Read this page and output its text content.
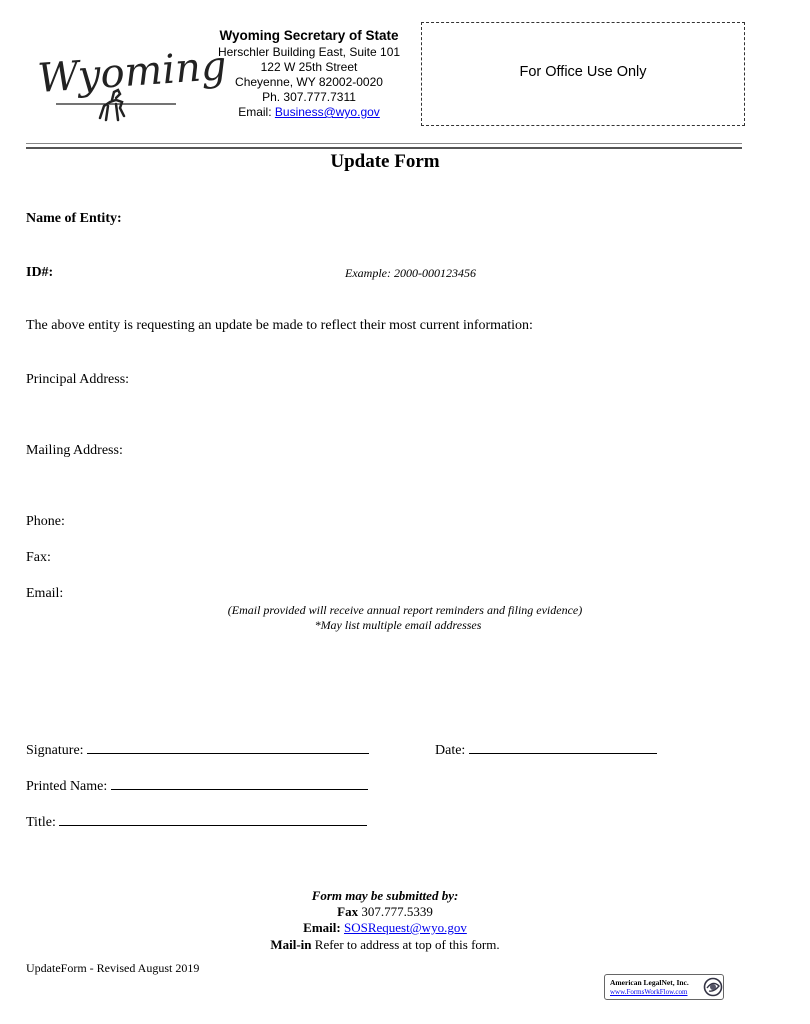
Wyoming
Wyoming Secretary of State
Herschler Building East, Suite 101
122 W 25th Street
Cheyenne, WY 82002-0020
Ph. 307.777.7311
Email: Business@wyo.gov
For Office Use Only
Update Form
Name of Entity:
ID#:	Example: 2000-000123456
The above entity is requesting an update be made to reflect their most current information:
Principal Address:
Mailing Address:
Phone:
Fax:
Email:
(Email provided will receive annual report reminders and filing evidence)
*May list multiple email addresses
Signature:	Date:
Printed Name:
Title:
Form may be submitted by:
Fax 307.777.5339
Email: SOSRequest@wyo.gov
Mail-in Refer to address at top of this form.
UpdateForm - Revised August 2019
American LegalNet, Inc.
www.FormsWorkFlow.com
